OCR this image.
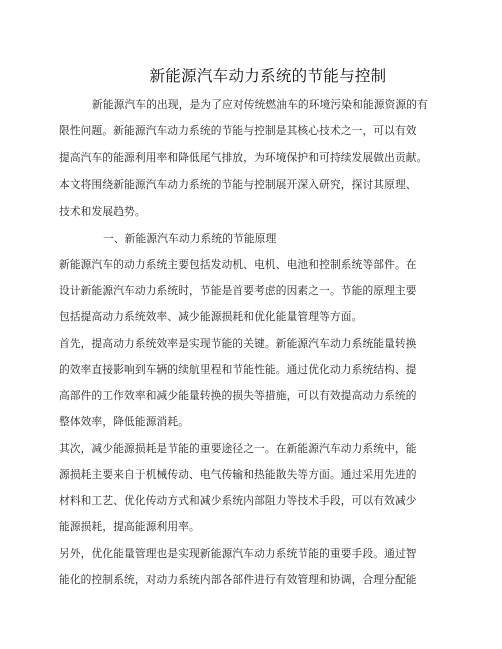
新能源汽车动力系统的节能与控制
新能源汽车的出现，是为了应对传统燃油车的环境污染和能源资源的有
限性问题。新能源汽车动力系统的节能与控制是其核心技术之一，可以有效
提高汽车的能源利用率和降低尾气排放，为环境保护和可持续发展做出贡献。
本文将围绕新能源汽车动力系统的节能与控制展开深入研究，探讨其原理、
技术和发展趋势。
一、新能源汽车动力系统的节能原理
新能源汽车的动力系统主要包括发动机、电机、电池和控制系统等部件。在
设计新能源汽车动力系统时，节能是首要考虑的因素之一。节能的原理主要
包括提高动力系统效率、减少能源损耗和优化能量管理等方面。
首先，提高动力系统效率是实现节能的关键。新能源汽车动力系统能量转换
的效率直接影响到车辆的续航里程和节能性能。通过优化动力系统结构、提
高部件的工作效率和减少能量转换的损失等措施，可以有效提高动力系统的
整体效率，降低能源消耗。
其次，减少能源损耗是节能的重要途径之一。在新能源汽车动力系统中，能
源损耗主要来自于机械传动、电气传输和热能散失等方面。通过采用先进的
材料和工艺、优化传动方式和减少系统内部阻力等技术手段，可以有效减少
能源损耗，提高能源利用率。
另外，优化能量管理也是实现新能源汽车动力系统节能的重要手段。通过智
能化的控制系统，对动力系统内部各部件进行有效管理和协调，合理分配能
